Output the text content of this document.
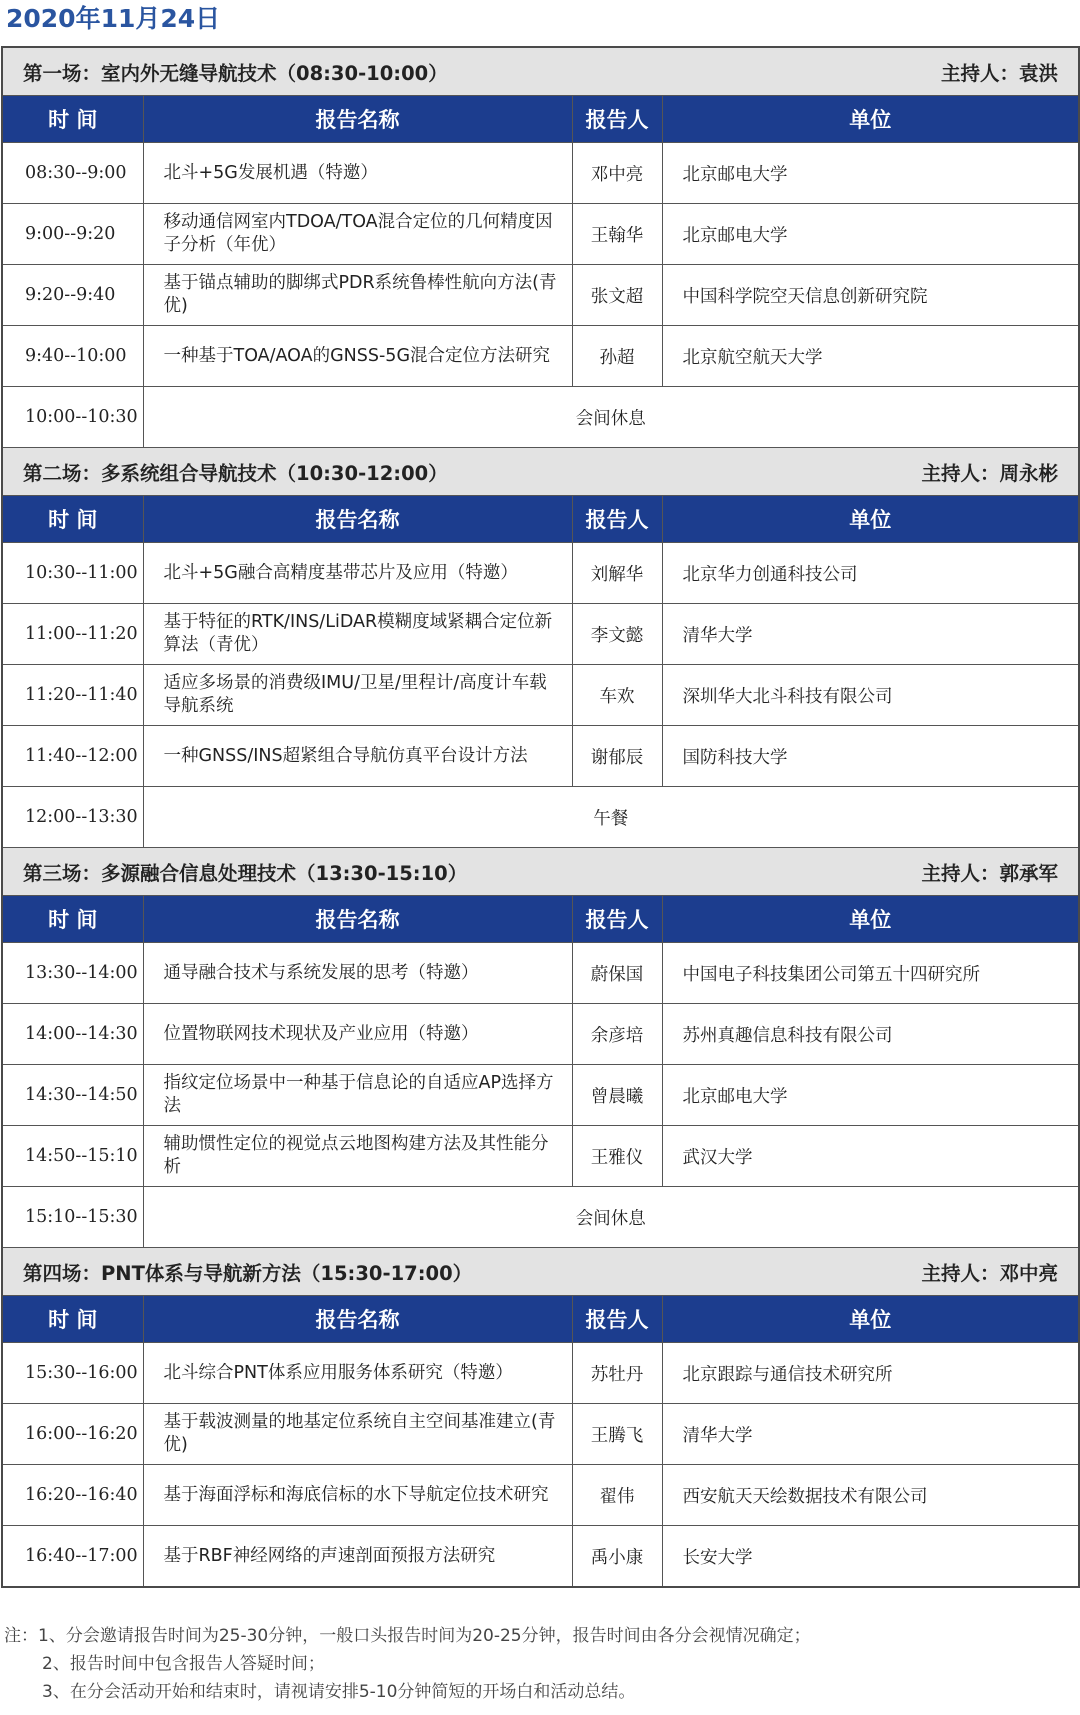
2020年11月24日
第一场：室内外无缝导航技术（08:30-10:00） 主持人：袁洪			

时 间	报告名称	报告人	单位
08:30--9:00	北斗+5G发展机遇（特邀）	邓中亮	北京邮电大学
9:00--9:20	移动通信网室内TDOA/TOA混合定位的几何精度因子分析（年优）	王翰华	北京邮电大学
9:20--9:40	基于锚点辅助的脚绑式PDR系统鲁棒性航向方法(青优)	张文超	中国科学院空天信息创新研究院
9:40--10:00	一种基于TOA/AOA的GNSS-5G混合定位方法研究	孙超	北京航空航天大学
10:00--10:30	会间休息		

第二场：多系统组合导航技术（10:30-12:00） 主持人：周永彬			

时 间	报告名称	报告人	单位
10:30--11:00	北斗+5G融合高精度基带芯片及应用（特邀）	刘解华	北京华力创通科技公司
11:00--11:20	基于特征的RTK/INS/LiDAR模糊度域紧耦合定位新算法（青优）	李文懿	清华大学
11:20--11:40	适应多场景的消费级IMU/卫星/里程计/高度计车载导航系统	车欢	深圳华大北斗科技有限公司
11:40--12:00	一种GNSS/INS超紧组合导航仿真平台设计方法	谢郁辰	国防科技大学
12:00--13:30	午餐		

第三场：多源融合信息处理技术（13:30-15:10） 主持人：郭承军			

时 间	报告名称	报告人	单位
13:30--14:00	通导融合技术与系统发展的思考（特邀）	蔚保国	中国电子科技集团公司第五十四研究所
14:00--14:30	位置物联网技术现状及产业应用（特邀）	余彦培	苏州真趣信息科技有限公司
14:30--14:50	指纹定位场景中一种基于信息论的自适应AP选择方法	曾晨曦	北京邮电大学
14:50--15:10	辅助惯性定位的视觉点云地图构建方法及其性能分析	王雅仪	武汉大学
15:10--15:30	会间休息		

第四场：PNT体系与导航新方法（15:30-17:00） 主持人：邓中亮			

时 间	报告名称	报告人	单位
15:30--16:00	北斗综合PNT体系应用服务体系研究（特邀）	苏牡丹	北京跟踪与通信技术研究所
16:00--16:20	基于载波测量的地基定位系统自主空间基准建立(青优)	王腾飞	清华大学
16:20--16:40	基于海面浮标和海底信标的水下导航定位技术研究	翟伟	西安航天天绘数据技术有限公司
16:40--17:00	基于RBF神经网络的声速剖面预报方法研究	禹小康	长安大学
注：1、分会邀请报告时间为25-30分钟，一般口头报告时间为20-25分钟，报告时间由各分会视情况确定；
2、报告时间中包含报告人答疑时间；
3、在分会活动开始和结束时，请视请安排5-10分钟简短的开场白和活动总结。
